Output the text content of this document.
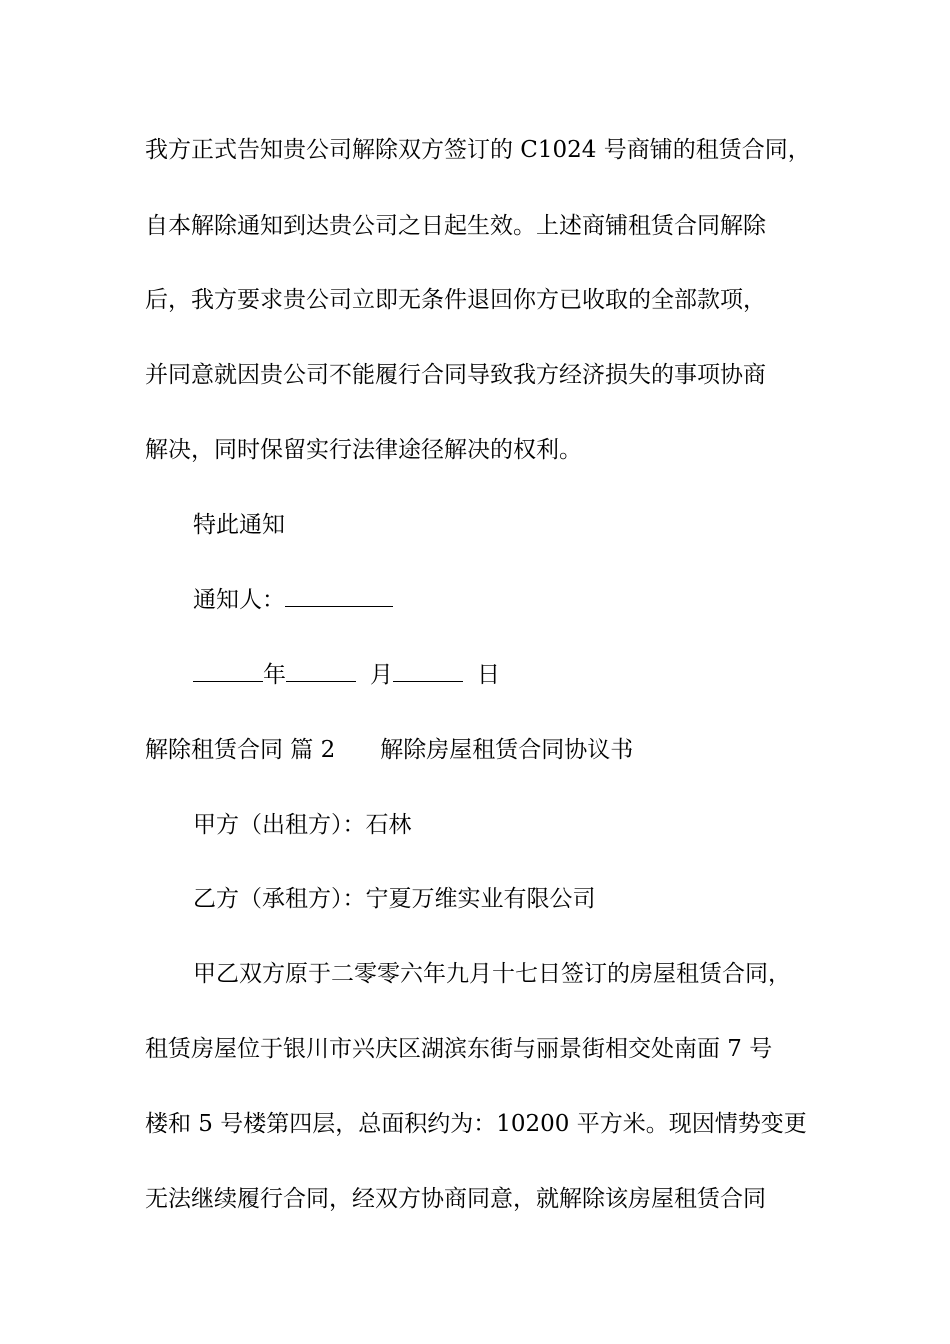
我方正式告知贵公司解除双方签订的 C1024 号商铺的租赁合同，
自本解除通知到达贵公司之日起生效。上述商铺租赁合同解除
后，我方要求贵公司立即无条件退回你方已收取的全部款项，
并同意就因贵公司不能履行合同导致我方经济损失的事项协商
解决，同时保留实行法律途径解决的权利。
特此通知
通知人：
年	月	日
解除租赁合同 篇 2 解除房屋租赁合同协议书
甲方（出租方）：石林
乙方（承租方）：宁夏万维实业有限公司
甲乙双方原于二零零六年九月十七日签订的房屋租赁合同，
租赁房屋位于银川市兴庆区湖滨东街与丽景街相交处南面 7 号
楼和 5 号楼第四层，总面积约为：10200 平方米。现因情势变更
无法继续履行合同，经双方协商同意，就解除该房屋租赁合同
